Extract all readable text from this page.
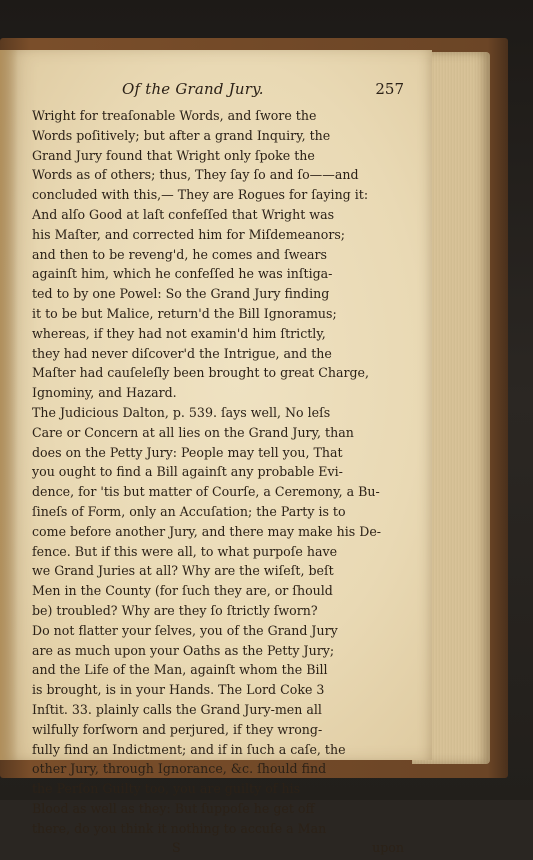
Of the Grand Jury.	257
Wright for treaſonable Words, and ſwore the
Words poſitively; but after a grand Inquiry, the
Grand Jury found that Wright only ſpoke the
Words as of others; thus, They ſay ſo and ſo——and
concluded with this,— They are Rogues for ſaying it:
And alſo Good at laſt confeſſed that Wright was
his Maſter, and corrected him for Miſdemeanors;
and then to be reveng'd, he comes and ſwears
againſt him, which he confeſſed he was inſtiga-
ted to by one Powel: So the Grand Jury finding
it to be but Malice, return'd the Bill Ignoramus;
whereas, if they had not examin'd him ſtrictly,
they had never diſcover'd the Intrigue, and the
Maſter had cauſeleſly been brought to great Charge,
Ignominy, and Hazard.
The Judicious Dalton, p. 539. ſays well, No leſs
Care or Concern at all lies on the Grand Jury, than
does on the Petty Jury: People may tell you, That
you ought to find a Bill againſt any probable Evi-
dence, for 'tis but matter of Courſe, a Ceremony, a Bu-
ſineſs of Form, only an Accuſation; the Party is to
come before another Jury, and there may make his De-
fence. But if this were all, to what purpoſe have
we Grand Juries at all? Why are the wiſeſt, beſt
Men in the County (for ſuch they are, or ſhould
be) troubled? Why are they ſo ſtrictly ſworn?
Do not flatter your ſelves, you of the Grand Jury
are as much upon your Oaths as the Petty Jury;
and the Life of the Man, againſt whom the Bill
is brought, is in your Hands. The Lord Coke 3
Inſtit. 33. plainly calls the Grand Jury-men all
wilfully forſworn and perjured, if they wrong-
fully find an Indictment; and if in ſuch a caſe, the
other Jury, through Ignorance, &c. ſhould find
the Perſon Guilty too, you are guilty of his
Blood as well as they: But ſuppoſe he get off
there, do you think it nothing to accuſe a Man
S	upon
